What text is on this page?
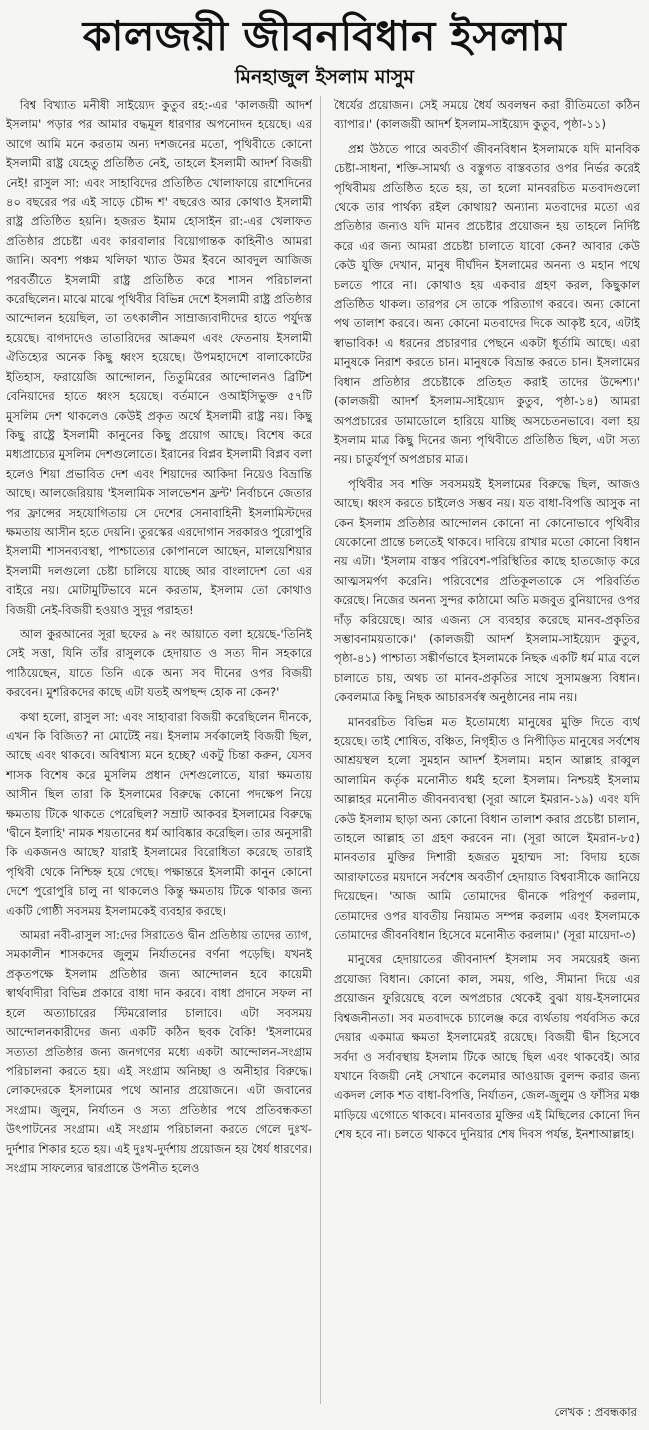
কালজয়ী জীবনবিধান ইসলাম
মিনহাজুল ইসলাম মাসুম

বিশ্ব বিখ্যাত মনীষী সাইয়্যেদ কুতুব রহ:-এর 'কালজয়ী আদর্শ ইসলাম' পড়ার পর আমার বদ্ধমূল ধারণার অপনোদন হয়েছে। এর আগে আমি মনে করতাম অন্য দশজনের মতো, পৃথিবীতে কোনো ইসলামী রাষ্ট্র যেহেতু প্রতিষ্ঠিত নেই, তাহলে ইসলামী আদর্শ বিজয়ী নেই! রাসুল সা: এবং সাহাবিদের প্রতিষ্ঠিত খোলাফায়ে রাশেদিনের ৪০ বছরের পর এই সাড়ে চৌদ্দ শ' বছরেও আর কোথাও ইসলামী রাষ্ট্র প্রতিষ্ঠিত হয়নি। হজরত ইমাম হোসাইন রা:-এর খেলাফত প্রতিষ্ঠার প্রচেষ্টা এবং কারবালার বিয়োগান্তক কাহিনীও আমরা জানি। অবশ্য পঞ্চম খলিফা খ্যাত উমর ইবনে আবদুল আজিজ পরবর্তীতে ইসলামী রাষ্ট্র প্রতিষ্ঠিত করে শাসন পরিচালনা করেছিলেন। মাঝে মাঝে পৃথিবীর বিভিন্ন দেশে ইসলামী রাষ্ট্র প্রতিষ্ঠার আন্দোলন হয়েছিল, তা তৎকালীন সাম্রাজ্যবাদীদের হাতে পর্যুদস্ত হয়েছে। বাগদাদেও তাতারিদের আক্রমণ এবং ফেতনায় ইসলামী ঐতিহ্যের অনেক কিছু ধ্বংস হয়েছে। উপমহাদেশে বালাকোটের ইতিহাস, ফরায়েজি আন্দোলন, তিতুমিরের আন্দোলনও ব্রিটিশ বেনিয়াদের হাতে ধ্বংস হয়েছে। বর্তমানে ওআইসিভুক্ত ৫৭টি মুসলিম দেশ থাকলেও কেউই প্রকৃত অর্থে ইসলামী রাষ্ট্র নয়। কিছু কিছু রাষ্ট্রে ইসলামী কানুনের কিছু প্রয়োগ আছে। বিশেষ করে মধ্যপ্রাচ্যের মুসলিম দেশগুলোতে। ইরানের বিপ্লব ইসলামী বিপ্লব বলা হলেও শিয়া প্রভাবিত দেশ এবং শিয়াদের আকিদা নিয়েও বিভ্রান্তি আছে। আলজেরিয়ায় 'ইসলামিক সালভেশন ফ্রন্ট' নির্বাচনে জেতার পর ফ্রান্সের সহযোগিতায় সে দেশের সেনাবাহিনী ইসলামিস্টদের ক্ষমতায় আসীন হতে দেয়নি। তুরস্কের এরদোগান সরকারও পুরোপুরি ইসলামী শাসনব্যবস্থা, পাশ্চাত্যের কোপানলে আছেন, মালয়েশিয়ার ইসলামী দলগুলো চেষ্টা চালিয়ে যাচ্ছে আর বাংলাদেশ তো এর বাইরে নয়। মোটামুটিভাবে মনে করতাম, ইসলাম তো কোথাও বিজয়ী নেই-বিজয়ী হওয়াও সুদূর পরাহত!

আল কুরআনের সূরা ছফের ৯ নং আয়াতে বলা হয়েছে-'তিনিই সেই সত্তা, যিনি তাঁর রাসুলকে হেদায়াত ও সত্য দীন সহকারে পাঠিয়েছেন, যাতে তিনি একে অন্য সব দীনের ওপর বিজয়ী করবেন। মুশরিকদের কাছে এটা যতই অপছন্দ হোক না কেন?'

কথা হলো, রাসুল সা: এবং সাহাবারা বিজয়ী করেছিলেন দীনকে, এখন কি বিজিত? না মোটেই নয়। ইসলাম সর্বকালেই বিজয়ী ছিল, আছে এবং থাকবে। অবিশ্বাস্য মনে হচ্ছে? একটু চিন্তা করুন, যেসব শাসক বিশেষ করে মুসলিম প্রধান দেশগুলোতে, যারা ক্ষমতায় আসীন ছিল তারা কি ইসলামের বিরুদ্ধে কোনো পদক্ষেপ নিয়ে ক্ষমতায় টিকে থাকতে পেরেছিল? সম্রাট আকবর ইসলামের বিরুদ্ধে 'দ্বীনে ইলাহি' নামক শয়তানের ধর্ম আবিষ্কার করেছিল। তার অনুসারী কি একজনও আছে? যারাই ইসলামের বিরোধিতা করেছে তারাই পৃথিবী থেকে নিশ্চিহ্ন হয়ে গেছে। পক্ষান্তরে ইসলামী কানুন কোনো দেশে পুরোপুরি চালু না থাকলেও কিন্তু ক্ষমতায় টিকে থাকার জন্য একটি গোষ্ঠী সবসময় ইসলামকেই ব্যবহার করছে।

আমরা নবী-রাসুল সা:দের সিরাতেও দ্বীন প্রতিষ্ঠায় তাদের ত্যাগ, সমকালীন শাসকদের জুলুম নির্যাতনের বর্ণনা পড়েছি। যখনই প্রকৃতপক্ষে ইসলাম প্রতিষ্ঠার জন্য আন্দোলন হবে কায়েমী স্বার্থবাদীরা বিভিন্ন প্রকারে বাধা দান করবে। বাধা প্রদানে সফল না হলে অত্যাচারের স্টিমরোলার চালাবে। এটা সবসময় আন্দোলনকারীদের জন্য একটি কঠিন ছবক বৈকি! 'ইসলামের সত্যতা প্রতিষ্ঠার জন্য জনগণের মধ্যে একটা আন্দোলন-সংগ্রাম পরিচালনা করতে হয়। এই সংগ্রাম অনিচ্ছা ও অনীহার বিরুদ্ধে। লোকদেরকে ইসলামের পথে আনার প্রয়োজনে। এটা জবানের সংগ্রাম। জুলুম, নির্যাতন ও সত্য প্রতিষ্ঠার পথে প্রতিবন্ধকতা উৎপাটনের সংগ্রাম। এই সংগ্রাম পরিচালনা করতে গেলে দুঃখ-দুর্দশার শিকার হতে হয়। এই দুঃখ-দুর্দশায় প্রয়োজন হয় ধৈর্য ধারণের। সংগ্রাম সাফল্যের দ্বারপ্রান্তে উপনীত হলেও

ধৈর্যের প্রয়োজন। সেই সময়ে ধৈর্য অবলম্বন করা রীতিমতো কঠিন ব্যাপার।' (কালজয়ী আদর্শ ইসলাম-সাইয়্যেদ কুতুব, পৃষ্ঠা-১১)

প্রশ্ন উঠতে পারে অবতীর্ণ জীবনবিধান ইসলামকে যদি মানবিক চেষ্টা-সাধনা, শক্তি-সামর্থ্য ও বস্তুগত বাস্তবতার ওপর নির্ভর করেই পৃথিবীময় প্রতিষ্ঠিত হতে হয়, তা হলো মানবরচিত মতবাদগুলো থেকে তার পার্থক্য রইল কোথায়? অন্যান্য মতবাদের মতো এর প্রতিষ্ঠার জন্যও যদি মানব প্রচেষ্টার প্রয়োজন হয় তাহলে নির্দিষ্ট করে এর জন্য আমরা প্রচেষ্টা চালাতে যাবো কেন? আবার কেউ কেউ যুক্তি দেখান, মানুষ দীর্ঘদিন ইসলামের অনন্য ও মহান পথে চলতে পারে না। কোথাও হয় একবার গ্রহণ করল, কিছুকাল প্রতিষ্ঠিত থাকল। তারপর সে তাকে পরিত্যাগ করবে। অন্য কোনো পথ তালাশ করবে। অন্য কোনো মতবাদের দিকে আকৃষ্ট হবে, এটাই স্বাভাবিক! এ ধরনের প্রচারণার পেছনে একটা ধূর্তামি আছে। এরা মানুষকে নিরাশ করতে চান। মানুষকে বিভ্রান্ত করতে চান। ইসলামের বিধান প্রতিষ্ঠার প্রচেষ্টাকে প্রতিহত করাই তাদের উদ্দেশ্য।' (কালজয়ী আদর্শ ইসলাম-সাইয়্যেদ কুতুব, পৃষ্ঠা-১৪) আমরা অপপ্রচারের ডামাডোলে হারিয়ে যাচ্ছি অসচেতনভাবে। বলা হয় ইসলাম মাত্র কিছু দিনের জন্য পৃথিবীতে প্রতিষ্ঠিত ছিল, এটা সত্য নয়। চাতুর্যপূর্ণ অপপ্রচার মাত্র।

পৃথিবীর সব শক্তি সবসময়ই ইসলামের বিরুদ্ধে ছিল, আজও আছে। ধ্বংস করতে চাইলেও সম্ভব নয়। যত বাধা-বিপত্তি আসুক না কেন ইসলাম প্রতিষ্ঠার আন্দোলন কোনো না কোনোভাবে পৃথিবীর যেকোনো প্রান্তে চলতেই থাকবে। দাবিয়ে রাখার মতো কোনো বিধান নয় এটা। 'ইসলাম বাস্তব পরিবেশ-পরিস্থিতির কাছে হাতজোড় করে আত্মসমর্পণ করেনি। পরিবেশের প্রতিকূলতাকে সে পরিবর্তিত করেছে। নিজের অনন্য সুন্দর কাঠামো অতি মজবুত বুনিয়াদের ওপর দাঁড় করিয়েছে। আর এজন্য সে ব্যবহার করেছে মানব-প্রকৃতির সম্ভাবনাময়তাকে।' (কালজয়ী আদর্শ ইসলাম-সাইয়্যেদ কুতুব, পৃষ্ঠা-৪১) পাশ্চাত্য সঙ্কীর্ণভাবে ইসলামকে নিছক একটি ধর্ম মাত্র বলে চালাতে চায়, অথচ তা মানব-প্রকৃতির সাথে সুসামঞ্জস্য বিধান। কেবলমাত্র কিছু নিছক আচারসর্বস্ব অনুষ্ঠানের নাম নয়।

মানবরচিত বিভিন্ন মত ইতোমধ্যে মানুষের মুক্তি দিতে ব্যর্থ হয়েছে। তাই শোষিত, বঞ্চিত, নিগৃহীত ও নিপীড়িত মানুষের সর্বশেষ আশ্রয়স্থল হলো সুমহান আদর্শ ইসলাম। মহান আল্লাহ রাব্বুল আলামিন কর্তৃক মনোনীত ধর্মই হলো ইসলাম। নিশ্চয়ই ইসলাম আল্লাহর মনোনীত জীবনব্যবস্থা (সূরা আলে ইমরান-১৯) এবং যদি কেউ ইসলাম ছাড়া অন্য কোনো বিধান তালাশ করার প্রচেষ্টা চালান, তাহলে আল্লাহ তা গ্রহণ করবেন না। (সূরা আলে ইমরান-৮৫) মানবতার মুক্তির দিশারী হজরত মুহাম্মদ সা: বিদায় হজে আরাফাতের ময়দানে সর্বশেষ অবতীর্ণ হেদায়াত বিশ্ববাসীকে জানিয়ে দিয়েছেন। 'আজ আমি তোমাদের দ্বীনকে পরিপূর্ণ করলাম, তোমাদের ওপর যাবতীয় নিয়ামত সম্পন্ন করলাম এবং ইসলামকে তোমাদের জীবনবিধান হিসেবে মনোনীত করলাম।' (সূরা মায়েদা-৩)

মানুষের হেদায়াতের জীবনাদর্শ ইসলাম সব সময়েরই জন্য প্রযোজ্য বিধান। কোনো কাল, সময়, গণ্ডি, সীমানা দিয়ে এর প্রয়োজন ফুরিয়েছে বলে অপপ্রচার থেকেই বুঝা যায়-ইসলামের বিশ্বজনীনতা। সব মতবাদকে চ্যালেঞ্জ করে ব্যর্থতায় পর্যবসিত করে দেয়ার একমাত্র ক্ষমতা ইসলামেরই রয়েছে। বিজয়ী দ্বীন হিসেবে সর্বদা ও সর্বাবস্থায় ইসলাম টিকে আছে ছিল এবং থাকবেই। আর যখানে বিজয়ী নেই সেখানে কলেমার আওয়াজ বুলন্দ করার জন্য একদল লোক শত বাধা-বিপত্তি, নির্যাতন, জেল-জুলুম ও ফাঁসির মঞ্চ মাড়িয়ে এগোতে থাকবে। মানবতার মুক্তির এই মিছিলের কোনো দিন শেষ হবে না। চলতে থাকবে দুনিয়ার শেষ দিবস পর্যন্ত, ইনশাআল্লাহ।

লেখক : প্রবন্ধকার
